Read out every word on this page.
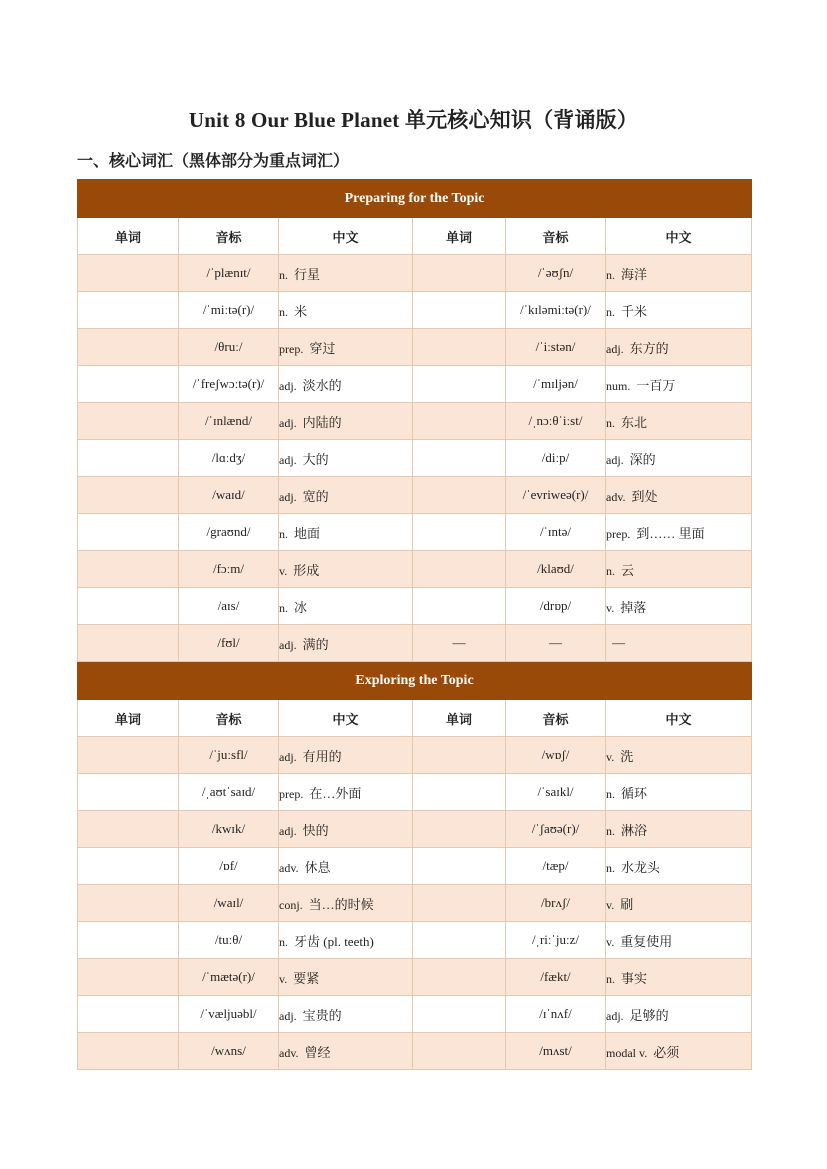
Unit 8 Our Blue Planet 单元核心知识（背诵版）
一、核心词汇（黑体部分为重点词汇）
Preparing for the Topic					
单词	音标	中文	单词	音标	中文
	/ˈplænɪt/	n. 行星		/ˈəʊʃn/	n. 海洋
	/ˈmiːtə(r)/	n. 米		/ˈkɪləmiːtə(r)/	n. 千米
	/θruː/	prep. 穿过		/ˈiːstən/	adj. 东方的
	/ˈfreʃwɔːtə(r)/	adj. 淡水的		/ˈmɪljən/	num. 一百万
	/ˈɪnlænd/	adj. 内陆的		/ˌnɔːθˈiːst/	n. 东北
	/lɑːdʒ/	adj. 大的		/diːp/	adj. 深的
	/waɪd/	adj. 宽的		/ˈevriweə(r)/	adv. 到处
	/graʊnd/	n. 地面		/ˈɪntə/	prep. 到…… 里面
	/fɔːm/	v. 形成		/klaʊd/	n. 云
	/aɪs/	n. 冰		/drɒp/	v. 掉落
	/fʊl/	adj. 满的	—	—	—
Exploring the Topic					
单词	音标	中文	单词	音标	中文
	/ˈjuːsfl/	adj. 有用的		/wɒʃ/	v. 洗
	/ˌaʊtˈsaɪd/	prep. 在…外面		/ˈsaɪkl/	n. 循环
	/kwɪk/	adj. 快的		/ˈʃaʊə(r)/	n. 淋浴
	/ɒf/	adv. 休息		/tæp/	n. 水龙头
	/waɪl/	conj. 当…的时候		/brʌʃ/	v. 刷
	/tuːθ/	n. 牙齿 (pl. teeth)		/ˌriːˈjuːz/	v. 重复使用
	/ˈmætə(r)/	v. 要紧		/fækt/	n. 事实
	/ˈvæljuəbl/	adj. 宝贵的		/ɪˈnʌf/	adj. 足够的
	/wʌns/	adv. 曾经		/mʌst/	modal v. 必须
